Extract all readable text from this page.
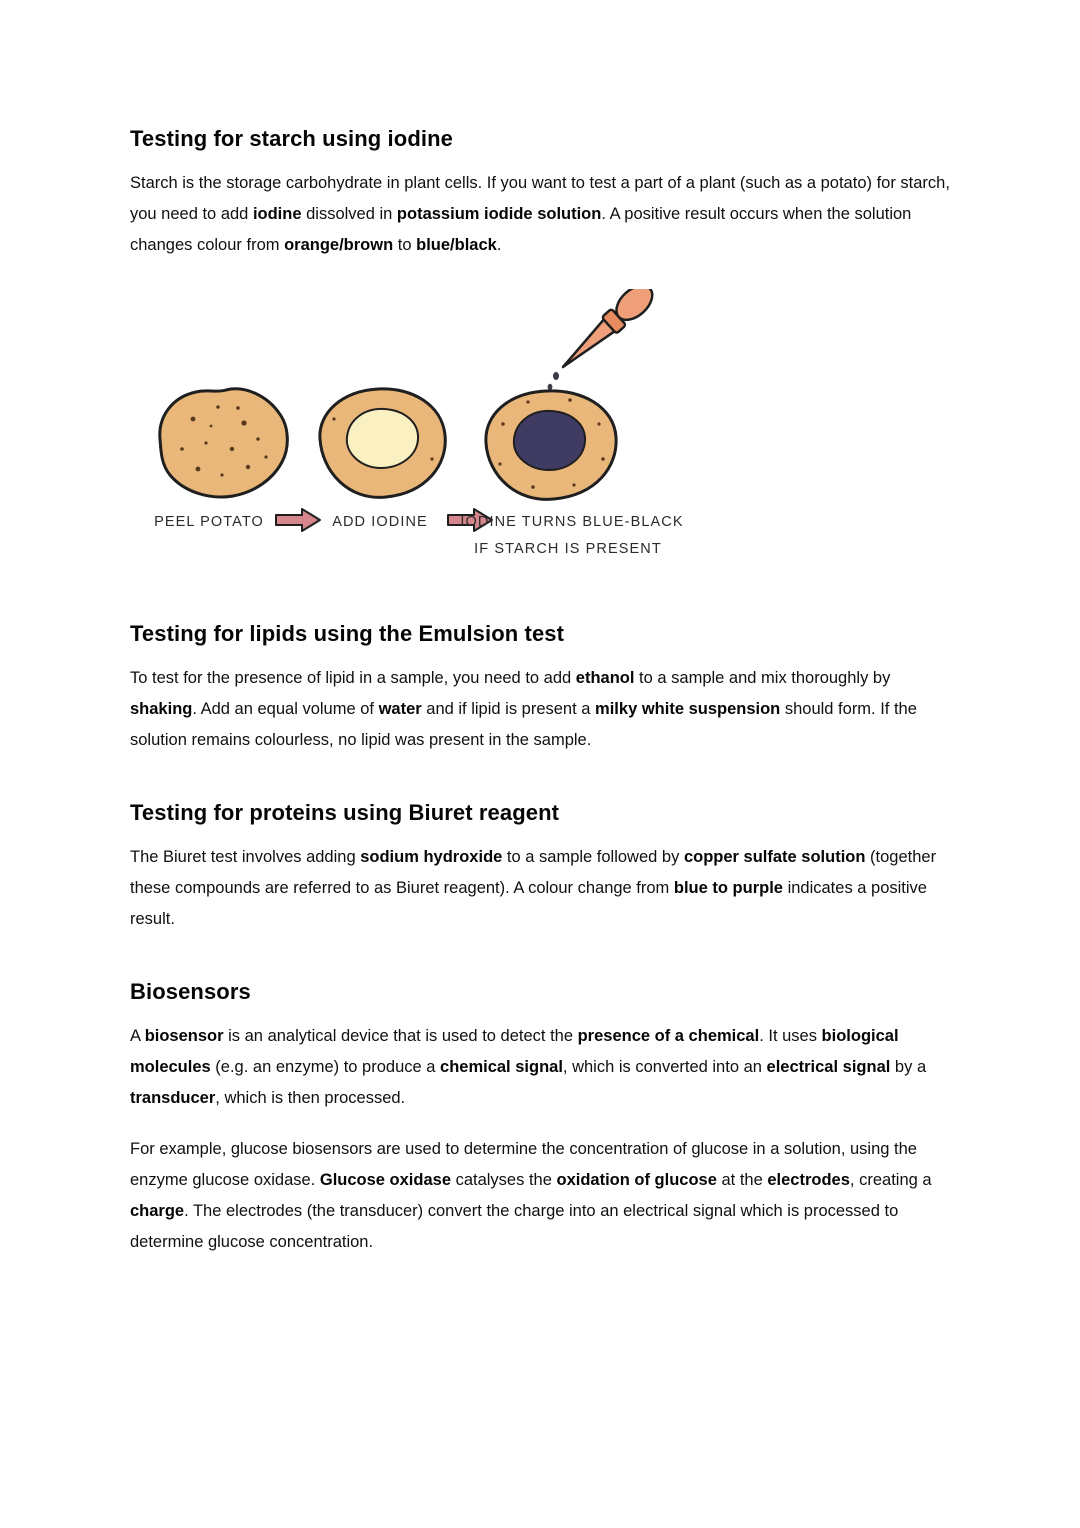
Testing for starch using iodine

Starch is the storage carbohydrate in plant cells. If you want to test a part of a plant (such as a potato) for starch, you need to add iodine dissolved in potassium iodide solution. A positive result occurs when the solution changes colour from orange/brown to blue/black.

PEEL POTATO	ADD IODINE IODINE TURNS BLUE-BLACK
IF STARCH IS PRESENT
Testing for lipids using the Emulsion test

To test for the presence of lipid in a sample, you need to add ethanol to a sample and mix thoroughly by shaking. Add an equal volume of water and if lipid is present a milky white suspension should form. If the solution remains colourless, no lipid was present in the sample.

Testing for proteins using Biuret reagent

The Biuret test involves adding sodium hydroxide to a sample followed by copper sulfate solution (together these compounds are referred to as Biuret reagent). A colour change from blue to purple indicates a positive result.

Biosensors

A biosensor is an analytical device that is used to detect the presence of a chemical. It uses biological molecules (e.g. an enzyme) to produce a chemical signal, which is converted into an electrical signal by a transducer, which is then processed.

For example, glucose biosensors are used to determine the concentration of glucose in a solution, using the enzyme glucose oxidase. Glucose oxidase catalyses the oxidation of glucose at the electrodes, creating a charge. The electrodes (the transducer) convert the charge into an electrical signal which is processed to determine glucose concentration.
